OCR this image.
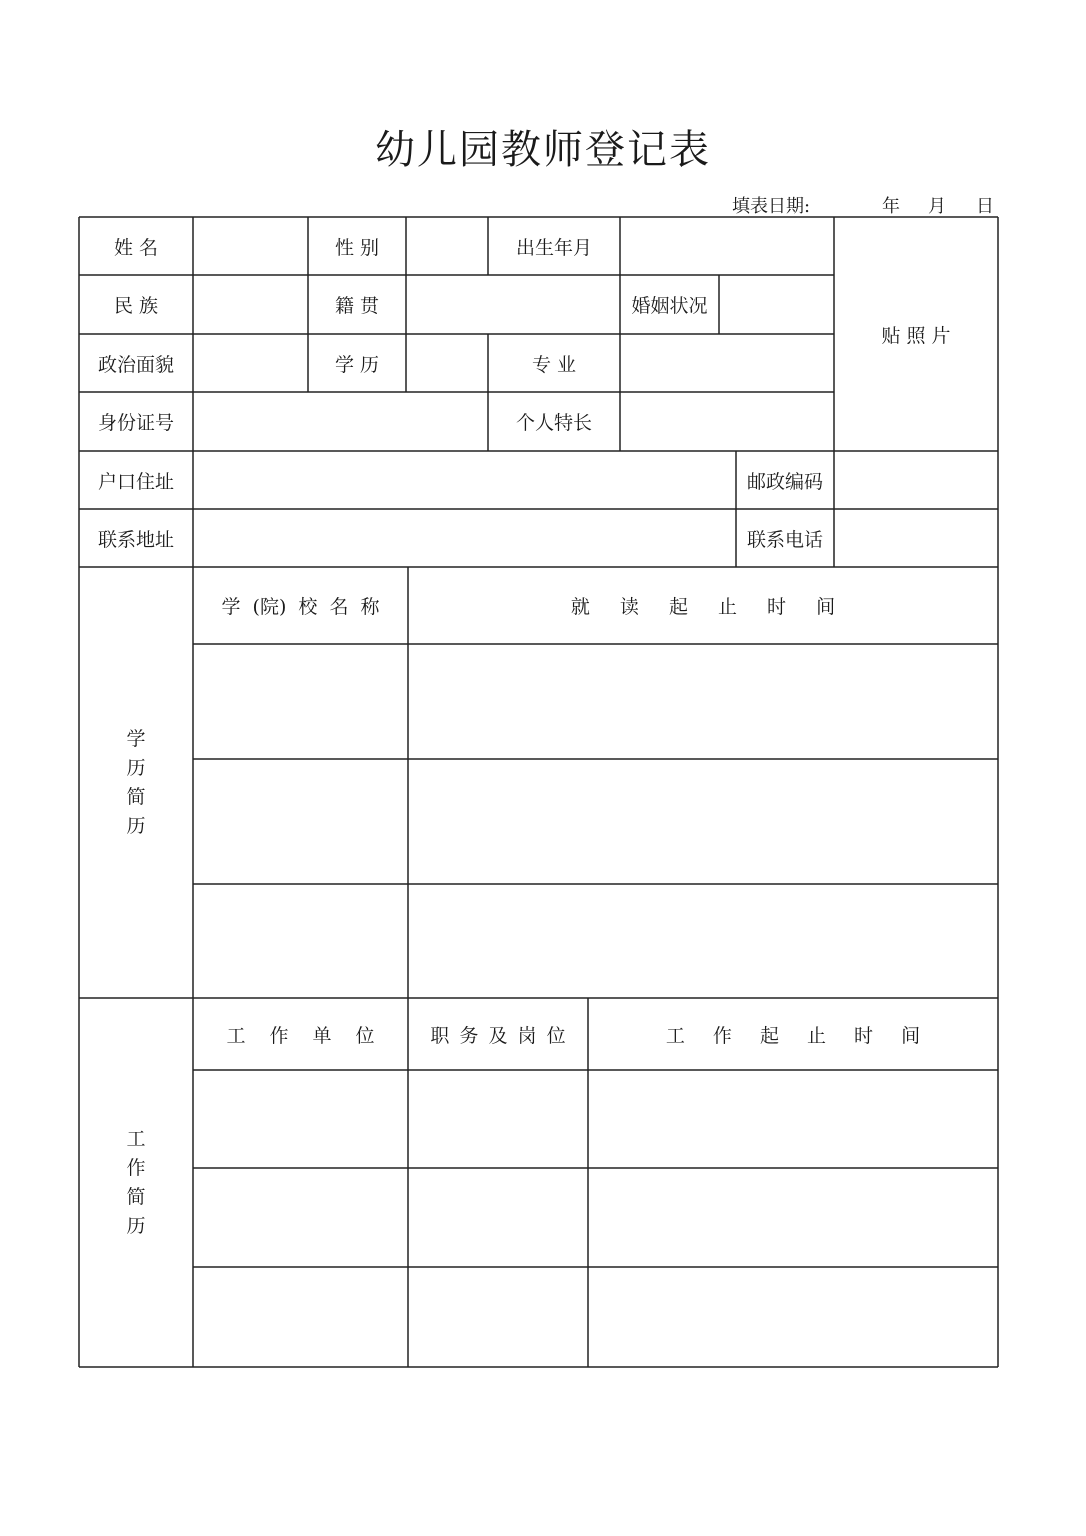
幼儿园教师登记表
填表日期:	年 月 日
姓 名	性 别	出生年月
贴 照 片
民 族	籍 贯	婚姻状况
政治面貌	学 历	专 业
身份证号	个人特长
户口住址	邮政编码
联系地址	联系电话
学历简历
学 (院) 校 名 称	就 读 起 止 时 间
工作简历
工 作 单 位	职 务 及 岗 位	工 作 起 止 时 间
